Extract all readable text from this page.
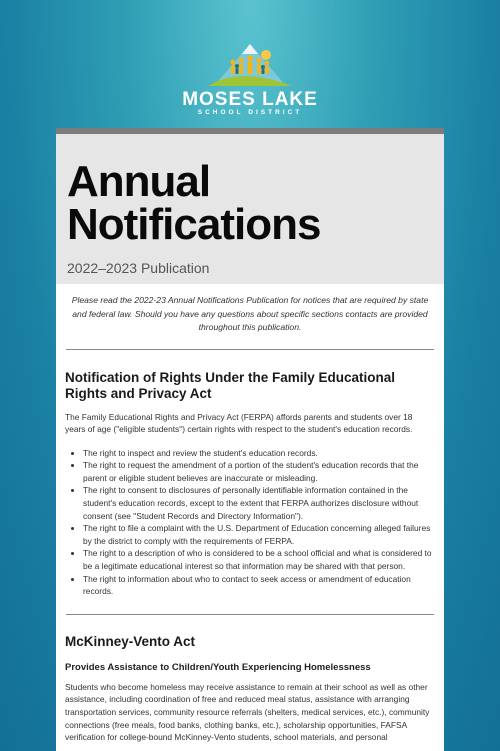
MOSES LAKE
SCHOOL DISTRICT
Annual
Notifications
2022–2023 Publication
Please read the 2022-23 Annual Notifications Publication for notices that are required by state and federal law. Should you have any questions about specific sections contacts are provided throughout this publication.
Notification of Rights Under the Family Educational Rights and Privacy Act
The Family Educational Rights and Privacy Act (FERPA) affords parents and students over 18 years of age ("eligible students") certain rights with respect to the student's education records.
• The right to inspect and review the student's education records.
• The right to request the amendment of a portion of the student's education records that the parent or eligible student believes are inaccurate or misleading.
• The right to consent to disclosures of personally identifiable information contained in the student's education records, except to the extent that FERPA authorizes disclosure without consent (see "Student Records and Directory Information").
• The right to file a complaint with the U.S. Department of Education concerning alleged failures by the district to comply with the requirements of FERPA.
• The right to a description of who is considered to be a school official and what is considered to be a legitimate educational interest so that information may be shared with that person.
• The right to information about who to contact to seek access or amendment of education records.
McKinney-Vento Act
Provides Assistance to Children/Youth Experiencing Homelessness
Students who become homeless may receive assistance to remain at their school as well as other assistance, including coordination of free and reduced meal status, assistance with arranging transportation services, community resource referrals (shelters, medical services, etc.), community connections (free meals, food banks, clothing banks, etc.), scholarship opportunities, FAFSA verification for college-bound McKinney-Vento students, school materials, and personal
